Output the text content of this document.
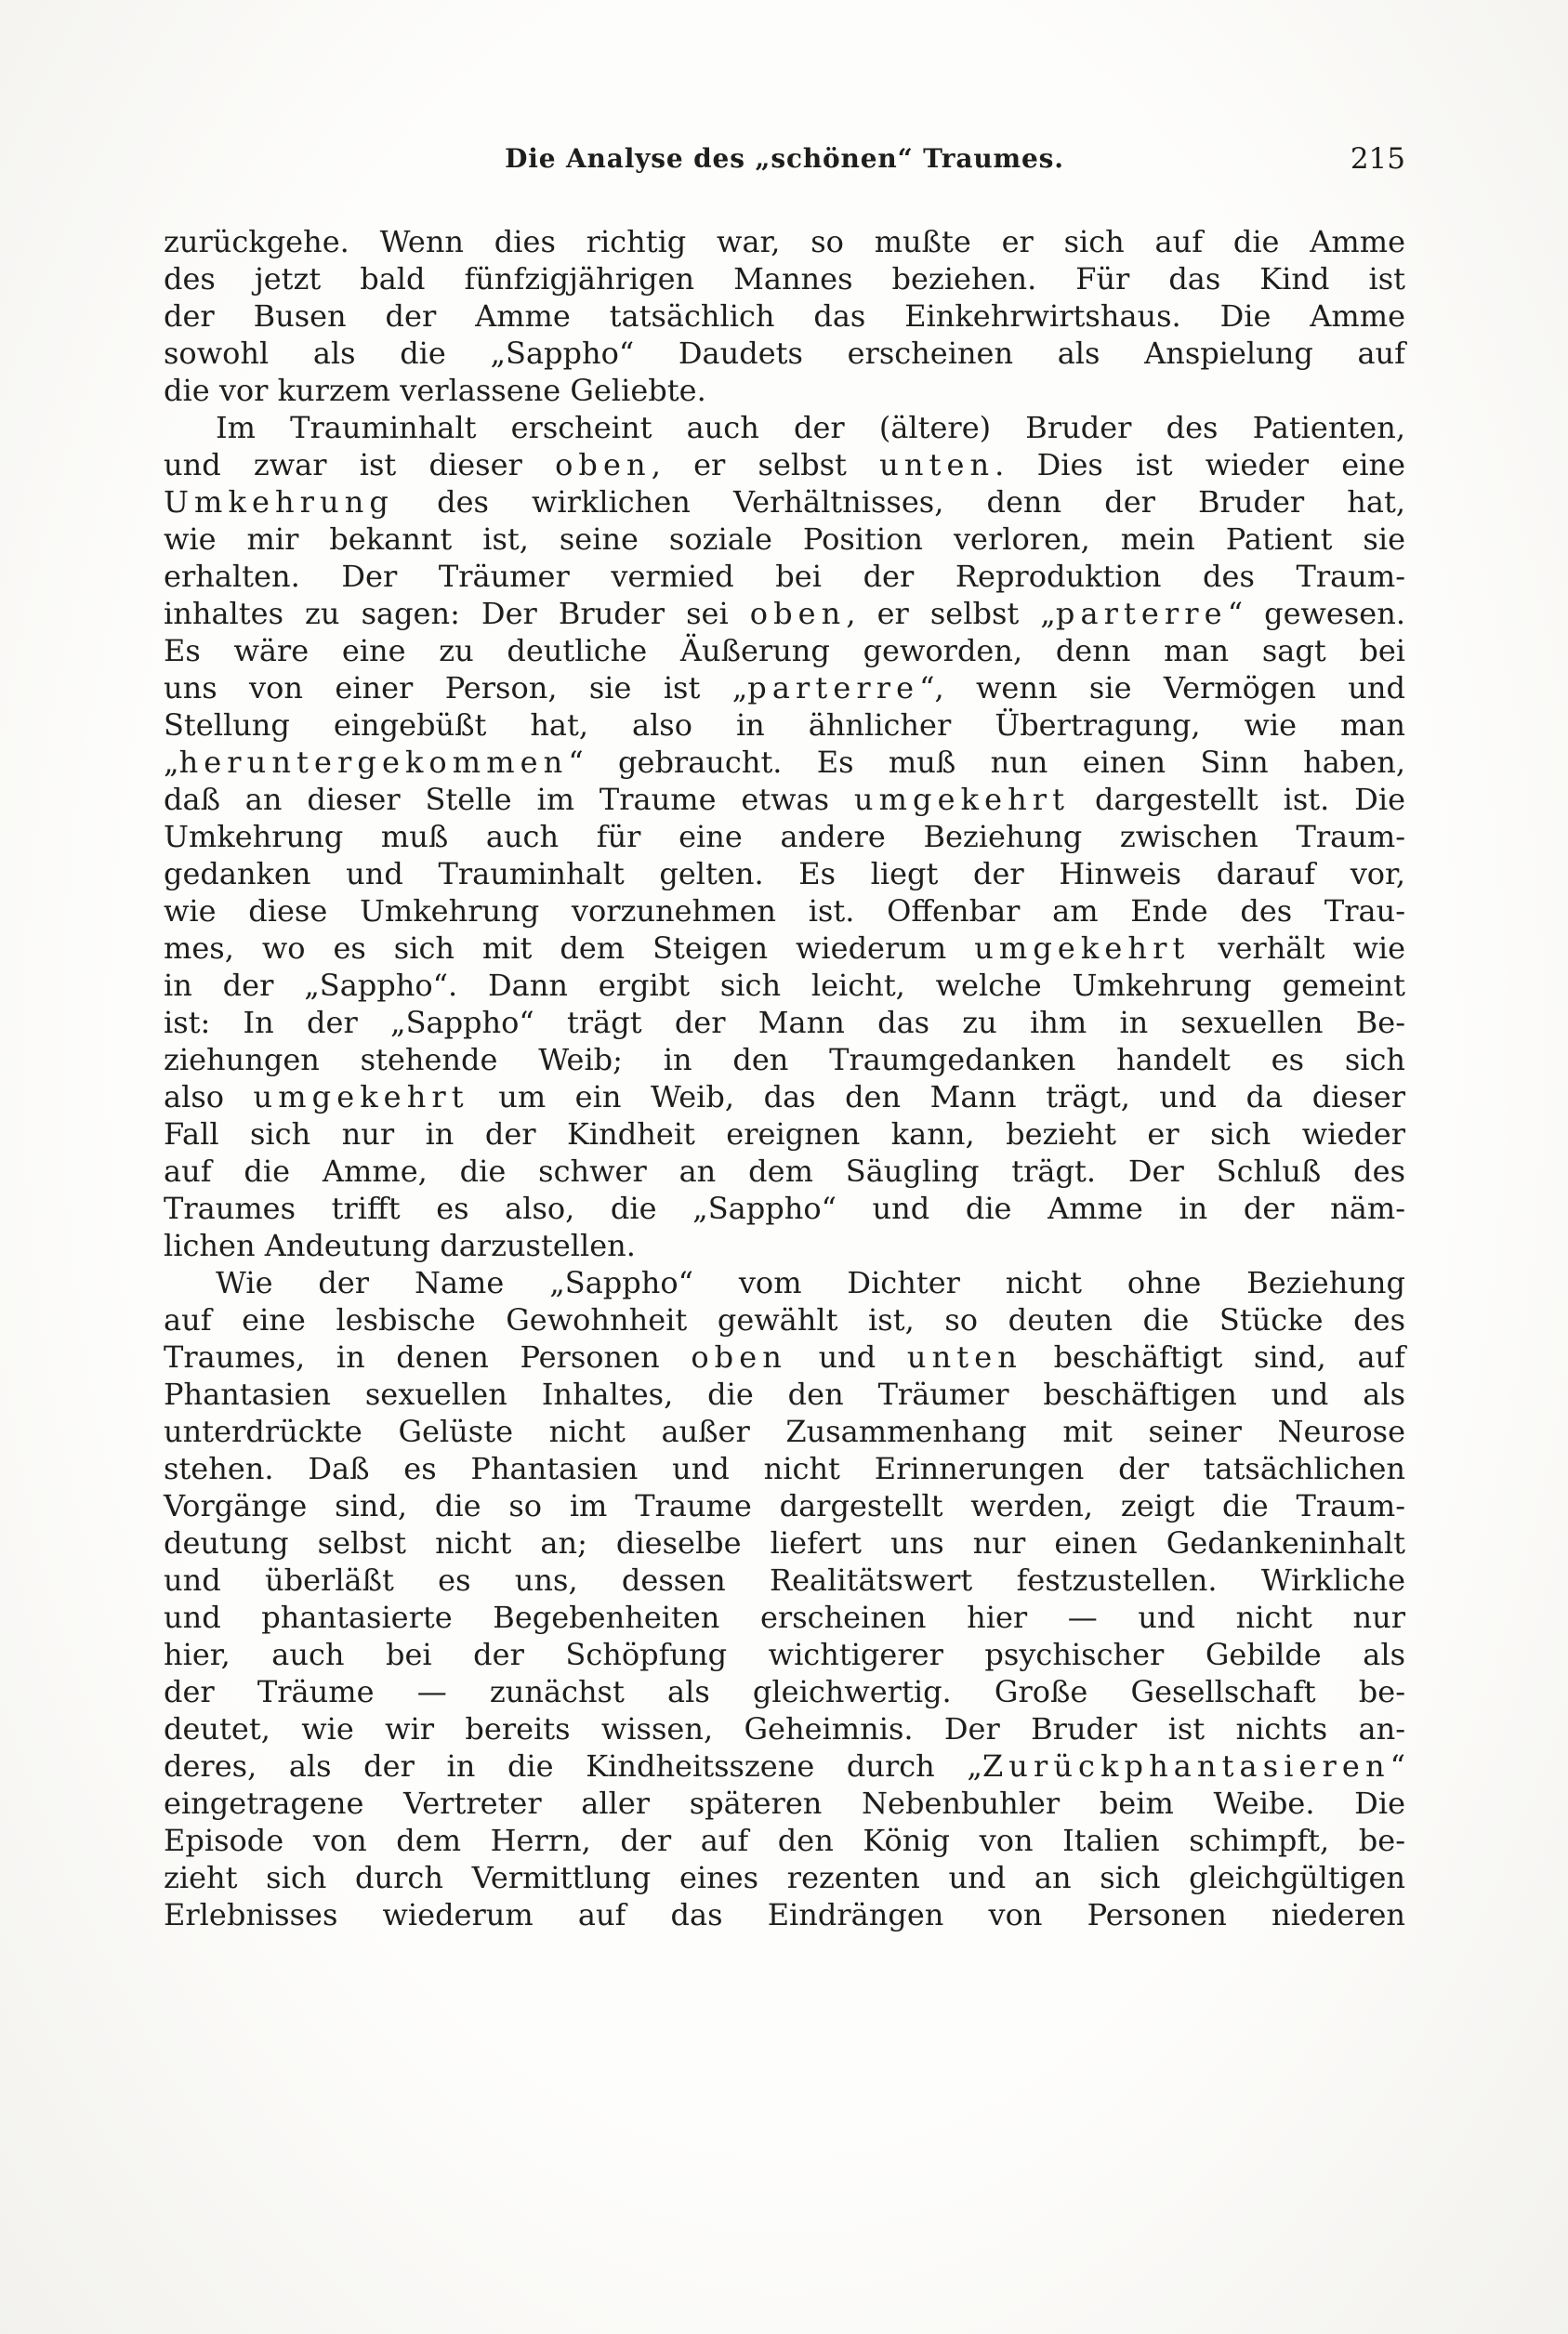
Die Analyse des „schönen“ Traumes.	215
zurückgehe. Wenn dies richtig war, so mußte er sich auf die Amme
des jetzt bald fünfzigjährigen Mannes beziehen. Für das Kind ist
der Busen der Amme tatsächlich das Einkehrwirtshaus. Die Amme
sowohl als die „Sappho“ Daudets erscheinen als Anspielung auf
die vor kurzem verlassene Geliebte.
Im Trauminhalt erscheint auch der (ältere) Bruder des Patienten,
und zwar ist dieser oben, er selbst unten. Dies ist wieder eine
Umkehrung des wirklichen Verhältnisses, denn der Bruder hat,
wie mir bekannt ist, seine soziale Position verloren, mein Patient sie
erhalten. Der Träumer vermied bei der Reproduktion des Traum-
inhaltes zu sagen: Der Bruder sei oben, er selbst „parterre“ gewesen.
Es wäre eine zu deutliche Äußerung geworden, denn man sagt bei
uns von einer Person, sie ist „parterre“, wenn sie Vermögen und
Stellung eingebüßt hat, also in ähnlicher Übertragung, wie man
„heruntergekommen“ gebraucht. Es muß nun einen Sinn haben,
daß an dieser Stelle im Traume etwas umgekehrt dargestellt ist. Die
Umkehrung muß auch für eine andere Beziehung zwischen Traum-
gedanken und Trauminhalt gelten. Es liegt der Hinweis darauf vor,
wie diese Umkehrung vorzunehmen ist. Offenbar am Ende des Trau-
mes, wo es sich mit dem Steigen wiederum umgekehrt verhält wie
in der „Sappho“. Dann ergibt sich leicht, welche Umkehrung gemeint
ist: In der „Sappho“ trägt der Mann das zu ihm in sexuellen Be-
ziehungen stehende Weib; in den Traumgedanken handelt es sich
also umgekehrt um ein Weib, das den Mann trägt, und da dieser
Fall sich nur in der Kindheit ereignen kann, bezieht er sich wieder
auf die Amme, die schwer an dem Säugling trägt. Der Schluß des
Traumes trifft es also, die „Sappho“ und die Amme in der näm-
lichen Andeutung darzustellen.
Wie der Name „Sappho“ vom Dichter nicht ohne Beziehung
auf eine lesbische Gewohnheit gewählt ist, so deuten die Stücke des
Traumes, in denen Personen oben und unten beschäftigt sind, auf
Phantasien sexuellen Inhaltes, die den Träumer beschäftigen und als
unterdrückte Gelüste nicht außer Zusammenhang mit seiner Neurose
stehen. Daß es Phantasien und nicht Erinnerungen der tatsächlichen
Vorgänge sind, die so im Traume dargestellt werden, zeigt die Traum-
deutung selbst nicht an; dieselbe liefert uns nur einen Gedankeninhalt
und überläßt es uns, dessen Realitätswert festzustellen. Wirkliche
und phantasierte Begebenheiten erscheinen hier — und nicht nur
hier, auch bei der Schöpfung wichtigerer psychischer Gebilde als
der Träume — zunächst als gleichwertig. Große Gesellschaft be-
deutet, wie wir bereits wissen, Geheimnis. Der Bruder ist nichts an-
deres, als der in die Kindheitsszene durch „Zurückphantasieren“
eingetragene Vertreter aller späteren Nebenbuhler beim Weibe. Die
Episode von dem Herrn, der auf den König von Italien schimpft, be-
zieht sich durch Vermittlung eines rezenten und an sich gleichgültigen
Erlebnisses wiederum auf das Eindrängen von Personen niederen
